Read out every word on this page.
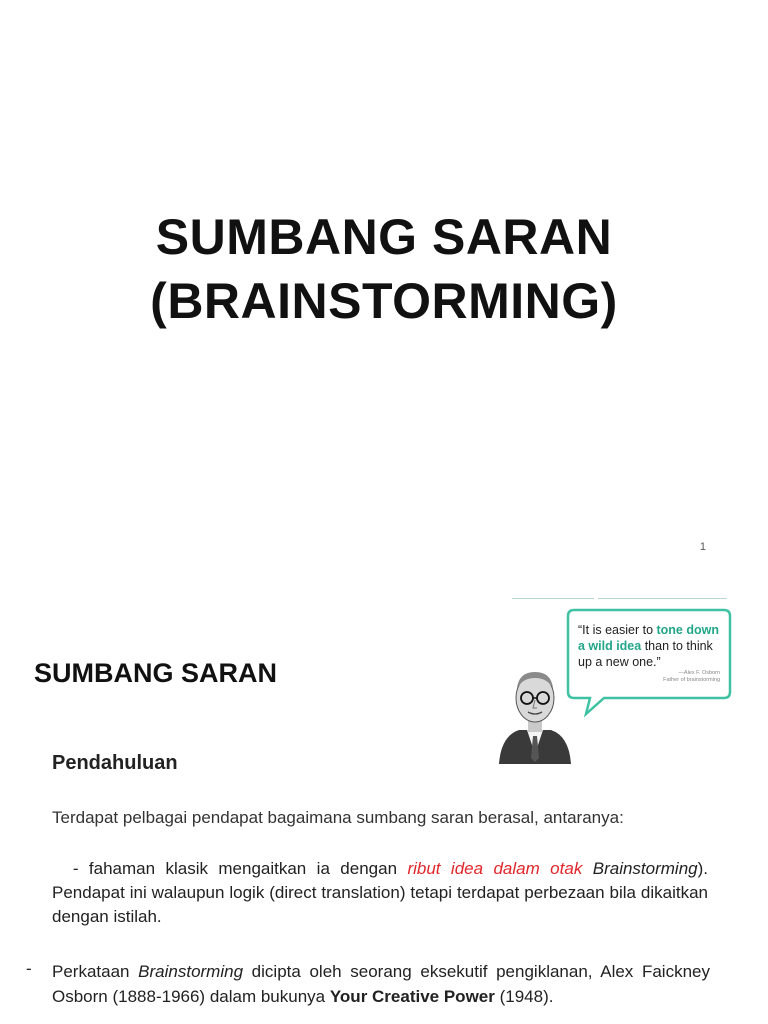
SUMBANG SARAN
(BRAINSTORMING)
1
SUMBANG SARAN
“It is easier to tone down a wild idea than to think up a new one.”
—Alex F. Osborn
Father of brainstorming
Pendahuluan
Terdapat pelbagai pendapat bagaimana sumbang saran berasal, antaranya:
- fahaman klasik mengaitkan ia dengan ribut idea dalam otak Brainstorming). Pendapat ini walaupun logik (direct translation) tetapi terdapat perbezaan bila dikaitkan dengan istilah.
- Perkataan Brainstorming dicipta oleh seorang eksekutif pengiklanan, Alex Faickney Osborn (1888-1966) dalam bukunya Your Creative Power (1948).
